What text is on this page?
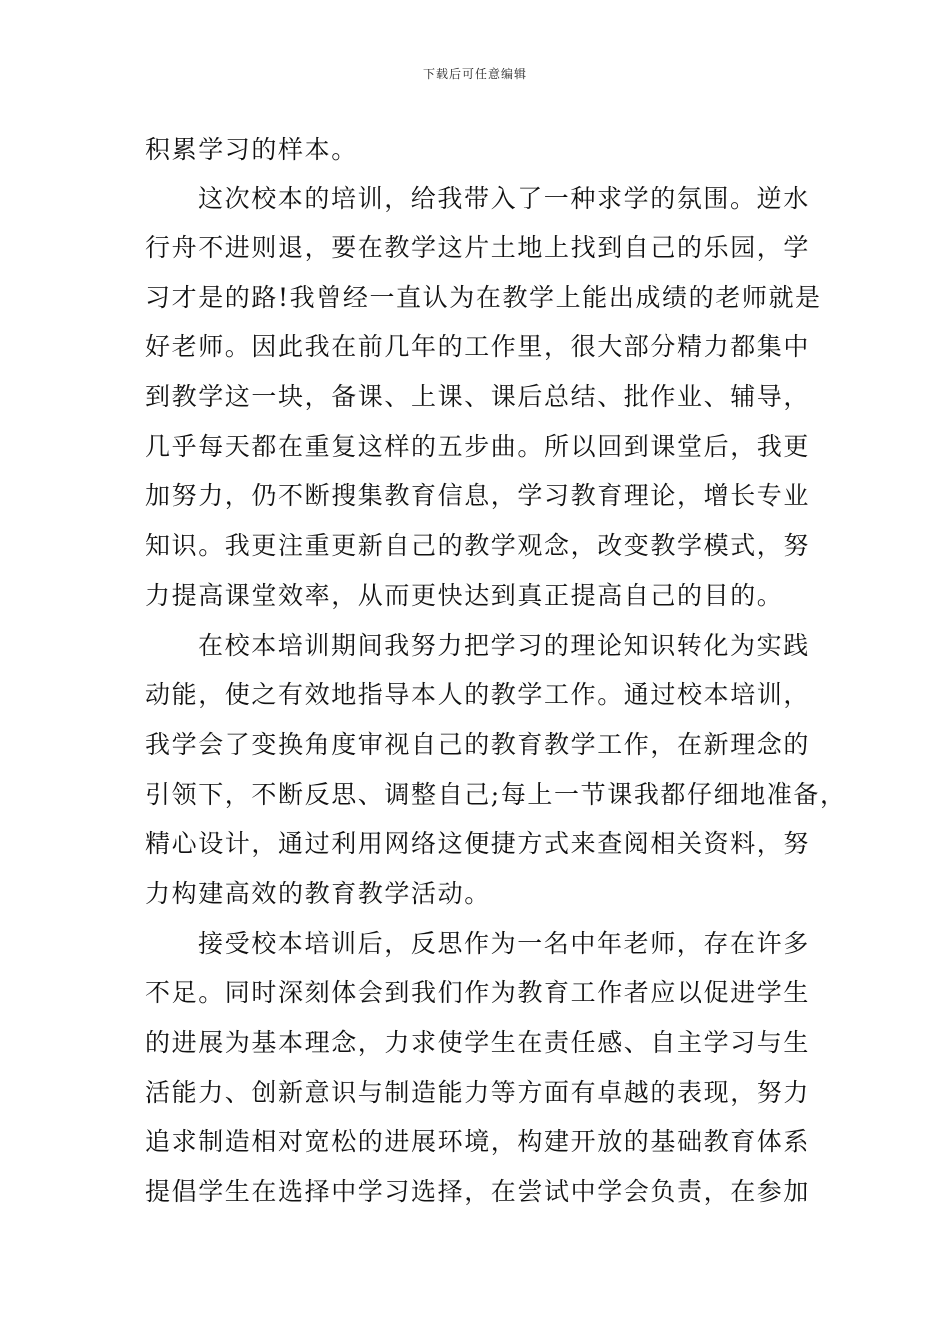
下载后可任意编辑
积累学习的样本。
这次校本的培训，给我带入了一种求学的氛围。逆水
行舟不进则退，要在教学这片土地上找到自己的乐园，学
习才是的路!我曾经一直认为在教学上能出成绩的老师就是
好老师。因此我在前几年的工作里，很大部分精力都集中
到教学这一块，备课、上课、课后总结、批作业、辅导，
几乎每天都在重复这样的五步曲。所以回到课堂后，我更
加努力，仍不断搜集教育信息，学习教育理论，增长专业
知识。我更注重更新自己的教学观念，改变教学模式，努
力提高课堂效率，从而更快达到真正提高自己的目的。
在校本培训期间我努力把学习的理论知识转化为实践
动能，使之有效地指导本人的教学工作。通过校本培训，
我学会了变换角度审视自己的教育教学工作，在新理念的
引领下，不断反思、调整自己;每上一节课我都仔细地准备，
精心设计，通过利用网络这便捷方式来查阅相关资料，努
力构建高效的教育教学活动。
接受校本培训后，反思作为一名中年老师，存在许多
不足。同时深刻体会到我们作为教育工作者应以促进学生
的进展为基本理念，力求使学生在责任感、自主学习与生
活能力、创新意识与制造能力等方面有卓越的表现，努力
追求制造相对宽松的进展环境，构建开放的基础教育体系
提倡学生在选择中学习选择，在尝试中学会负责，在参加
